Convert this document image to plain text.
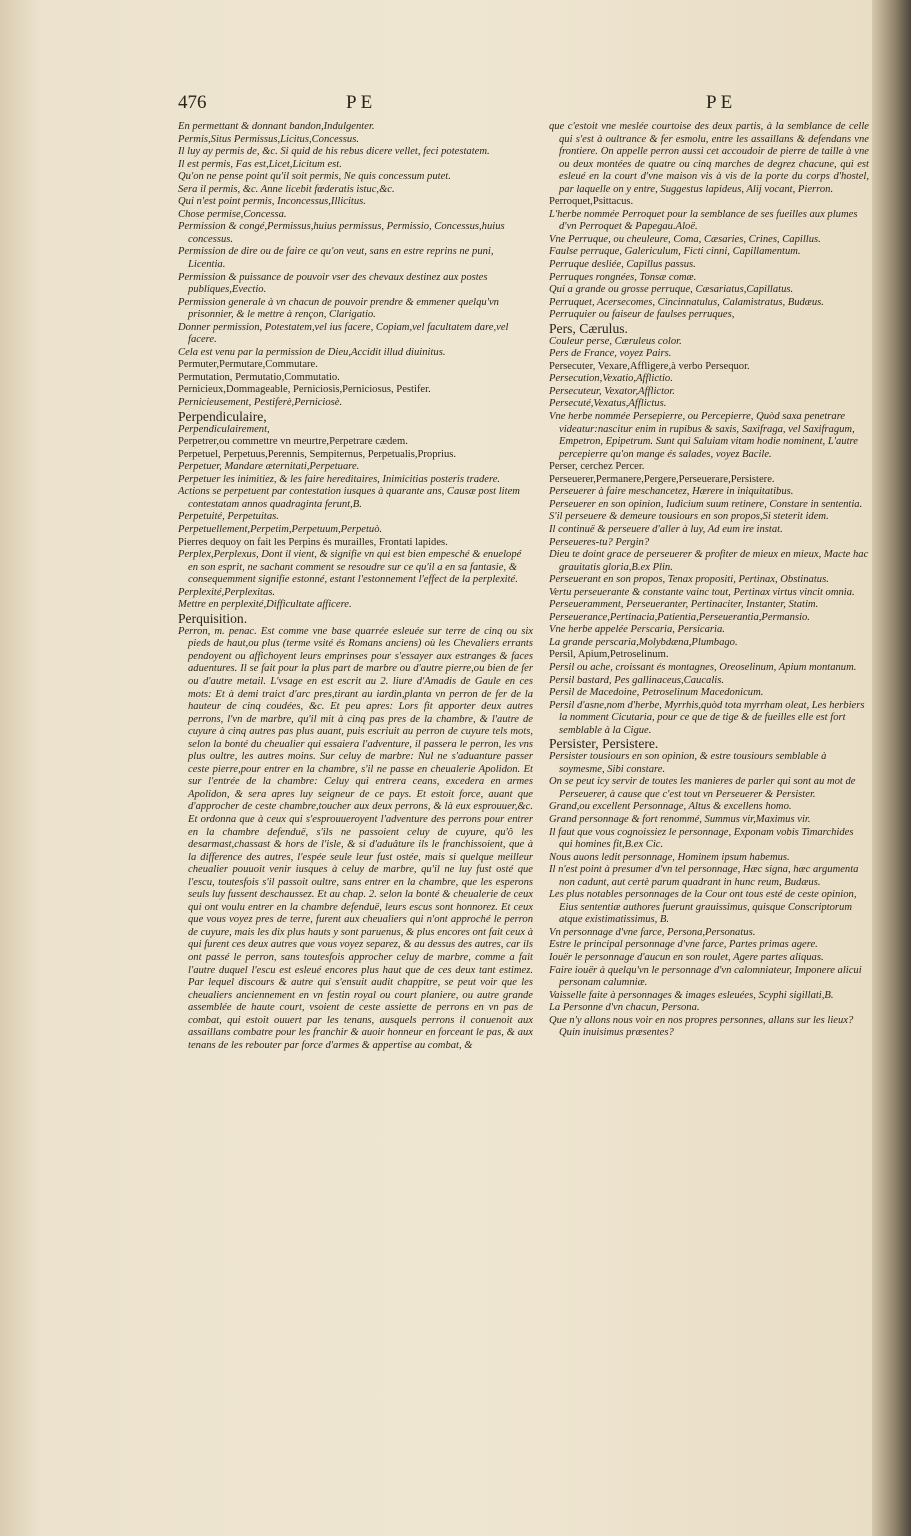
476	PE	PE

En permettant & donnant bandon,Indulgenter.

Permis,Situs Permissus,Licitus,Concessus.

Il luy ay permis de, &c. Si quid de his rebus dicere vellet, feci potestatem.

Il est permis, Fas est,Licet,Licitum est.

Qu'on ne pense point qu'il soit permis, Ne quis concessum putet.

Sera il permis, &c. Anne licebit fœderatis istuc,&c.

Qui n'est point permis, Inconcessus,Illicitus.

Chose permise,Concessa.

Permission & congé,Permissus,huius permissus, Permissio, Concessus,huius concessus.

Permission de dire ou de faire ce qu'on veut, sans en estre reprins ne puni, Licentia.

Permission & puissance de pouvoir vser des chevaux destinez aux postes publiques,Evectio.

Permission generale à vn chacun de pouvoir prendre & emmener quelqu'vn prisonnier, & le mettre à rençon, Clarigatio.

Donner permission, Potestatem,vel ius facere, Copiam,vel facultatem dare,vel facere.

Cela est venu par la permission de Dieu,Accidit illud diuinitus.

Permuter,Permutare,Commutare.

Permutation, Permutatio,Commutatio.

Pernicieux,Dommageable, Perniciosis,Perniciosus, Pestifer.

Pernicieusement, Pestiferè,Perniciosè.

Perpendiculaire,

Perpendiculairement,

Perpetrer,ou commettre vn meurtre,Perpetrare cædem.

Perpetuel, Perpetuus,Perennis, Sempiternus, Perpetualis,Proprius.

Perpetuer, Mandare æternitati,Perpetuare.

Perpetuer les inimitiez, & les faire hereditaires, Inimicitias posteris tradere.

Actions se perpetuent par contestation iusques à quarante ans, Causæ post litem contestatam annos quadraginta ferunt,B.

Perpetuité, Perpetuitas.

Perpetuellement,Perpetim,Perpetuum,Perpetuò.

Pierres dequoy on fait les Perpins és murailles, Frontati lapides.

Perplex,Perplexus, Dont il vient, & signifie vn qui est bien empesché & enuelopé en son esprit, ne sachant comment se resoudre sur ce qu'il a en sa fantasie, & consequemment signifie estonné, estant l'estonnement l'effect de la perplexité.

Perplexité,Perplexitas.

Mettre en perplexité,Difficultate afficere.

Perquisition.

Perron, m. penac. Est comme vne base quarrée esleuée sur terre de cinq ou six pieds de haut,ou plus (terme vsité és Romans anciens) où les Chevaliers errants pendoyent ou affichoyent leurs emprinses pour s'essayer aux estranges & faces aduentures. Il se fait pour la plus part de marbre ou d'autre pierre,ou bien de fer ou d'autre metail. L'vsage en est escrit au 2. liure d'Amadis de Gaule en ces mots: Et à demi traict d'arc pres,tirant au iardin,planta vn perron de fer de la hauteur de cinq coudées, &c. Et peu apres: Lors fit apporter deux autres perrons, l'vn de marbre, qu'il mit à cinq pas pres de la chambre, & l'autre de cuyure à cinq autres pas plus auant, puis escriuit au perron de cuyure tels mots, selon la bonté du cheualier qui essaiera l'adventure, il passera le perron, les vns plus oultre, les autres moins. Sur celuy de marbre: Nul ne s'aduanture passer ceste pierre,pour entrer en la chambre, s'il ne passe en cheualerie Apolidon. Et sur l'entrée de la chambre: Celuy qui entrera ceans, excedera en armes Apolidon, & sera apres luy seigneur de ce pays. Et estoit force, auant que d'approcher de ceste chambre,toucher aux deux perrons, & là eux esprouuer,&c. Et ordonna que à ceux qui s'esprouueroyent l'adventure des perrons pour entrer en la chambre defenduë, s'ils ne passoient celuy de cuyure, qu'ô les desarmast,chassast & hors de l'isle, & si d'aduâture ils le franchissoient, que à la difference des autres, l'espée seule leur fust ostée, mais si quelque meilleur cheualier pouuoit venir iusques à celuy de marbre, qu'il ne luy fust osté que l'escu, toutesfois s'il passoit oultre, sans entrer en la chambre, que les esperons seuls luy fussent deschaussez. Et au chap. 2. selon la bonté & cheualerie de ceux qui ont voulu entrer en la chambre defenduë, leurs escus sont honnorez. Et ceux que vous voyez pres de terre, furent aux cheualiers qui n'ont approché le perron de cuyure, mais les dix plus hauts y sont paruenus, & plus encores ont fait ceux à qui furent ces deux autres que vous voyez separez, & au dessus des autres, car ils ont passé le perron, sans toutesfois approcher celuy de marbre, comme a fait l'autre duquel l'escu est esleué encores plus haut que de ces deux tant estimez. Par lequel discours & autre qui s'ensuit audit chappitre, se peut voir que les cheualiers anciennement en vn festin royal ou court planiere, ou autre grande assemblée de haute court, vsoient de ceste assiette de perrons en vn pas de combat, qui estoit ouuert par les tenans, ausquels perrons il conuenoit aux assaillans combatre pour les franchir & auoir honneur en forceant le pas, & aux tenans de les rebouter par force d'armes & appertise au combat, &

que c'estoit vne meslée courtoise des deux partis, à la semblance de celle qui s'est à oultrance & fer esmolu, entre les assaillans & defendans vne frontiere. On appelle perron aussi cet accoudoir de pierre de taille à vne ou deux montées de quatre ou cinq marches de degrez chacune, qui est esleué en la court d'vne maison vis à vis de la porte du corps d'hostel, par laquelle on y entre, Suggestus lapideus, Alij vocant, Pierron.

Perroquet,Psittacus.

L'herbe nommée Perroquet pour la semblance de ses fueilles aux plumes d'vn Perroquet & Papegau.Aloë.

Vne Perruque, ou cheuleure, Coma, Cæsaries, Crines, Capillus.

Faulse perruque, Galericulum, Ficti cinni, Capillamentum.

Perruque desliée, Capillus passus.

Perruques rongnées, Tonsæ comæ.

Qui a grande ou grosse perruque, Cæsariatus,Capillatus.

Perruquet, Acersecomes, Cincinnatulus, Calamistratus, Budæus.

Perruquier ou faiseur de faulses perruques,

Pers, Cærulus.

Couleur perse, Cæruleus color.

Pers de France, voyez Pairs.

Persecuter, Vexare,Affligere,à verbo Persequor.

Persecution,Vexatio,Afflictio.

Persecuteur, Vexator,Afflictor.

Persecuté,Vexatus,Afflictus.

Vne herbe nommée Persepierre, ou Percepierre, Quòd saxa penetrare videatur:nascitur enim in rupibus & saxis, Saxifraga, vel Saxifragum, Empetron, Epipetrum. Sunt qui Saluiam vitam hodie nominent, L'autre percepierre qu'on mange és salades, voyez Bacile.

Perser, cerchez Percer.

Perseuerer,Permanere,Pergere,Perseuerare,Persistere.

Perseuerer à faire meschancetez, Hærere in iniquitatibus.

Perseuerer en son opinion, Iudicium suum retinere, Constare in sententia.

S'il perseuere & demeure tousiours en son propos,Si steterit idem.

Il continuë & perseuere d'aller à luy, Ad eum ire instat.

Perseueres-tu? Pergin?

Dieu te doint grace de perseuerer & profiter de mieux en mieux, Macte hac grauitatis gloria,B.ex Plin.

Perseuerant en son propos, Tenax propositi, Pertinax, Obstinatus.

Vertu perseuerante & constante vainc tout, Pertinax virtus vincit omnia.

Perseueramment, Perseueranter, Pertinaciter, Instanter, Statim.

Perseuerance,Pertinacia,Patientia,Perseuerantia,Permansio.

Vne herbe appelée Perscaria, Persicaria.

La grande perscaria,Molybdæna,Plumbago.

Persil, Apium,Petroselinum.

Persil ou ache, croissant és montagnes, Oreoselinum, Apium montanum.

Persil bastard, Pes gallinaceus,Caucalis.

Persil de Macedoine, Petroselinum Macedonicum.

Persil d'asne,nom d'herbe, Myrrhis,quòd tota myrrham oleat, Les herbiers la nomment Cicutaria, pour ce que de tige & de fueilles elle est fort semblable à la Cigue.

Persister, Persistere.

Persister tousiours en son opinion, & estre tousiours semblable à soymesme, Sibi constare.

On se peut icy servir de toutes les manieres de parler qui sont au mot de Perseuerer, à cause que c'est tout vn Perseuerer & Persister.

Grand,ou excellent Personnage, Altus & excellens homo.

Grand personnage & fort renommé, Summus vir,Maximus vir.

Il faut que vous cognoissiez le personnage, Exponam vobis Timarchides qui homines fit,B.ex Cic.

Nous auons ledit personnage, Hominem ipsum habemus.

Il n'est point à presumer d'vn tel personnage, Hæc signa, hæc argumenta non cadunt, aut certè parum quadrant in hunc reum, Budæus.

Les plus notables personnages de la Cour ont tous esté de ceste opinion, Eius sententiæ authores fuerunt grauissimus, quisque Conscriptorum atque existimatissimus, B.

Vn personnage d'vne farce, Persona,Personatus.

Estre le principal personnage d'vne farce, Partes primas agere.

Iouër le personnage d'aucun en son roulet, Agere partes aliquas.

Faire iouër à quelqu'vn le personnage d'vn calomniateur, Imponere alicui personam calumniæ.

Vaisselle faite à personnages & images esleuées, Scyphi sigillati,B.

La Personne d'vn chacun, Persona.

Que n'y allons nous voir en nos propres personnes, allans sur les lieux? Quin inuisimus præsentes?
